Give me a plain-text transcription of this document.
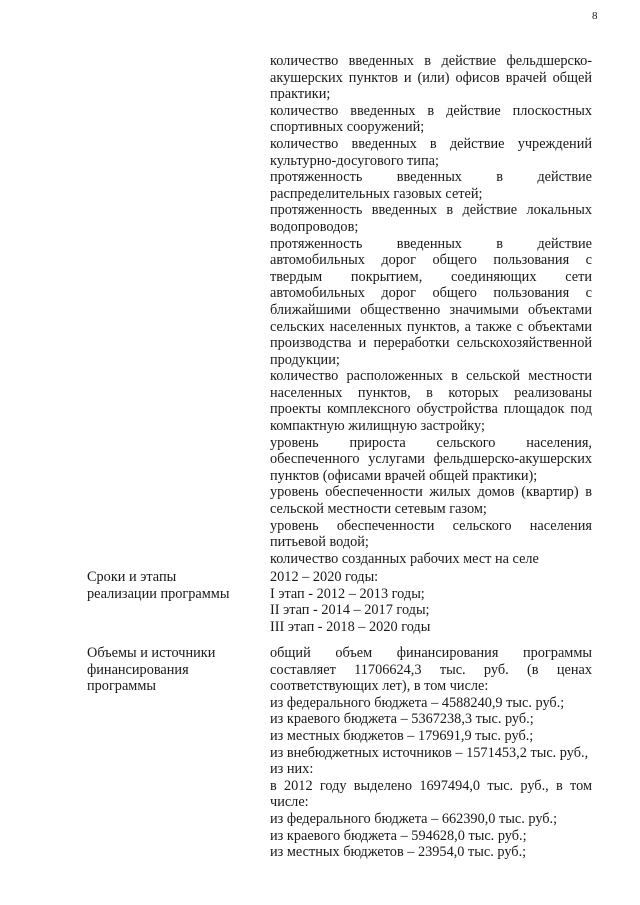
8
количество введенных в действие фельдшерско-акушерских пунктов и (или) офисов врачей общей практики;
количество введенных в действие плоскостных спортивных сооружений;
количество введенных в действие учреждений культурно-досугового типа;
протяженность введенных в действие распределительных газовых сетей;
протяженность введенных в действие локальных водопроводов;
протяженность введенных в действие автомобильных дорог общего пользования с твердым покрытием, соединяющих сети автомобильных дорог общего пользования с ближайшими общественно значимыми объектами сельских населенных пунктов, а также с объектами производства и переработки сельскохозяйственной продукции;
количество расположенных в сельской местности населенных пунктов, в которых реализованы проекты комплексного обустройства площадок под компактную жилищную застройку;
уровень прироста сельского населения, обеспеченного услугами фельдшерско-акушерских пунктов (офисами врачей общей практики);
уровень обеспеченности жилых домов (квартир) в сельской местности сетевым газом;
уровень обеспеченности сельского населения питьевой водой;
количество созданных рабочих мест на селе
Сроки и этапы реализации программы
2012 – 2020 годы:
I этап - 2012 – 2013 годы;
II этап - 2014 – 2017 годы;
III этап - 2018 – 2020 годы
Объемы и источники финансирования программы
общий объем финансирования программы составляет 11706624,3 тыс. руб. (в ценах соответствующих лет), в том числе:
из федерального бюджета – 4588240,9 тыс. руб.;
из краевого бюджета – 5367238,3 тыс. руб.;
из местных бюджетов – 179691,9 тыс. руб.;
из внебюджетных источников – 1571453,2 тыс. руб.,
из них:
в 2012 году выделено 1697494,0 тыс. руб., в том числе:
из федерального бюджета – 662390,0 тыс. руб.;
из краевого бюджета – 594628,0 тыс. руб.;
из местных бюджетов – 23954,0 тыс. руб.;
